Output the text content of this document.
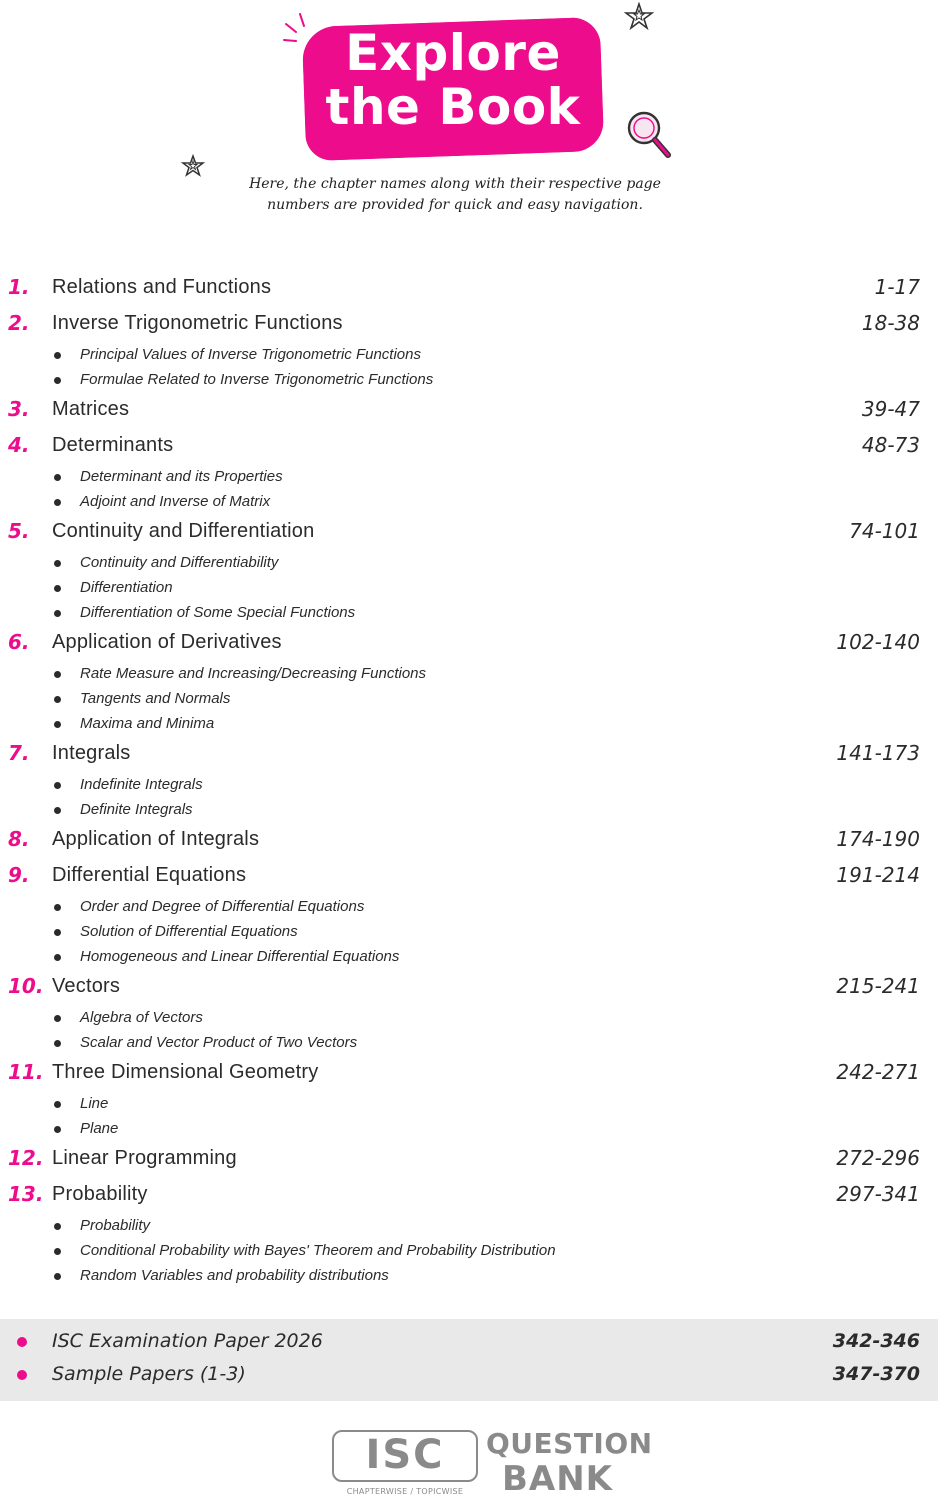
Explore
the Book
Here, the chapter names along with their respective page
numbers are provided for quick and easy navigation.
1.	Relations and Functions	1-17
2.	Inverse Trigonometric Functions	18-38
Principal Values of Inverse Trigonometric Functions
Formulae Related to Inverse Trigonometric Functions
3.	Matrices	39-47
4.	Determinants	48-73
Determinant and its Properties
Adjoint and Inverse of Matrix
5.	Continuity and Differentiation	74-101
Continuity and Differentiability
Differentiation
Differentiation of Some Special Functions
6.	Application of Derivatives	102-140
Rate Measure and Increasing/Decreasing Functions
Tangents and Normals
Maxima and Minima
7.	Integrals	141-173
Indefinite Integrals
Definite Integrals
8.	Application of Integrals	174-190
9.	Differential Equations	191-214
Order and Degree of Differential Equations
Solution of Differential Equations
Homogeneous and Linear Differential Equations
10. Vectors	215-241
Algebra of Vectors
Scalar and Vector Product of Two Vectors
11. Three Dimensional Geometry	242-271
Line
Plane
12. Linear Programming	272-296
13. Probability	297-341
Probability
Conditional Probability with Bayes' Theorem and Probability Distribution
Random Variables and probability distributions
ISC Examination Paper 2026	342-346
Sample Papers (1-3)	347-370
ISC
CHAPTERWISE / TOPICWISE
QUESTION
BANK
